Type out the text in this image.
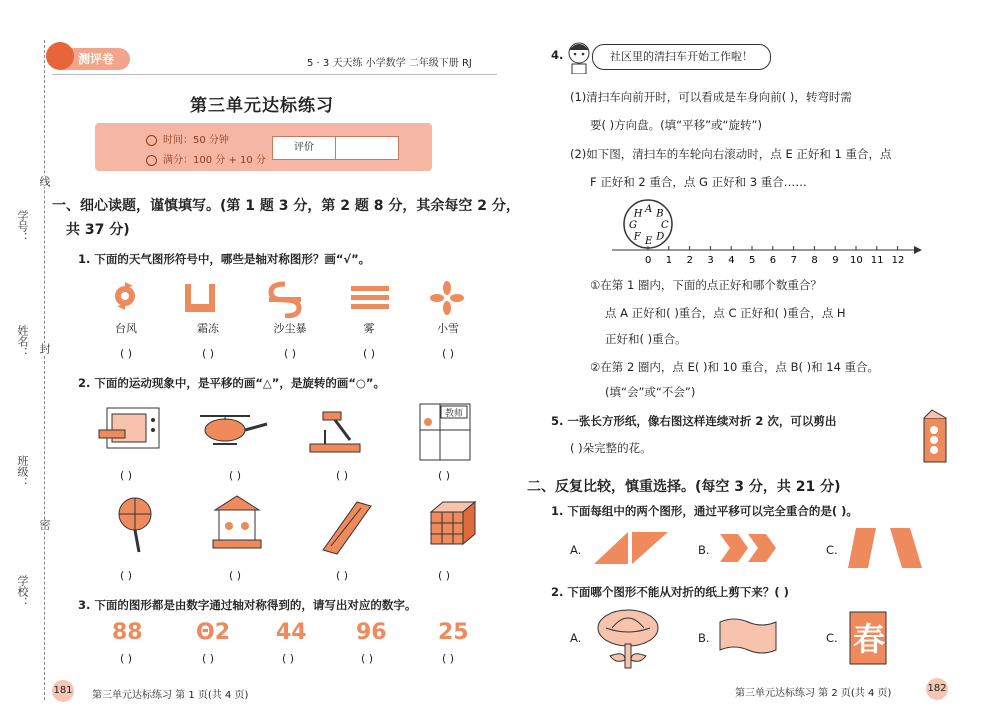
学号：
姓名：
班级：
学校：
线
封
密
测评卷	5 · 3 天天练 小学数学 二年级下册 RJ
第三单元达标练习
时间：50 分钟
满分：100 分 + 10 分
评价
一、细心读题，谨慎填写。(第 1 题 3 分，第 2 题 8 分，其余每空 2 分，
共 37 分)
1. 下面的天气图形符号中，哪些是轴对称图形？画“√”。
台风	霜冻	沙尘暴	雾	小雪
( )	( )	( )	( )	( )
2. 下面的运动现象中，是平移的画“△”，是旋转的画“○”。
教师
( )	( )	( )	( )
( )	( )	( )	( )
3. 下面的图形都是由数字通过轴对称得到的，请写出对应的数字。
88 Θ2 44 96 25
( )	( )	( )	( )	( )
181 第三单元达标练习 第 1 页(共 4 页)
4.	社区里的清扫车开始工作啦！
(1)清扫车向前开时，可以看成是车身向前( )，转弯时需
要( )方向盘。(填“平移”或“旋转”)
(2)如下图，清扫车的车轮向右滚动时，点 E 正好和 1 重合，点
F 正好和 2 重合，点 G 正好和 3 重合……
A B
C
D
E
F
G
H
0 1 2 3 4 5 6 7 8 9 10 11 12
①在第 1 圈内，下面的点正好和哪个数重合？
点 A 正好和( )重合，点 C 正好和( )重合，点 H
正好和( )重合。
②在第 2 圈内，点 E( )和 10 重合，点 B( )和 14 重合。
(填“会”或“不会”)
5. 一张长方形纸，像右图这样连续对折 2 次，可以剪出
( )朵完整的花。
二、反复比较，慎重选择。(每空 3 分，共 21 分)
1. 下面每组中的两个图形，通过平移可以完全重合的是( )。
A.	B.	C.
2. 下面哪个图形不能从对折的纸上剪下来？( )
A.	B.	C. 春
第三单元达标练习 第 2 页(共 4 页)	182
